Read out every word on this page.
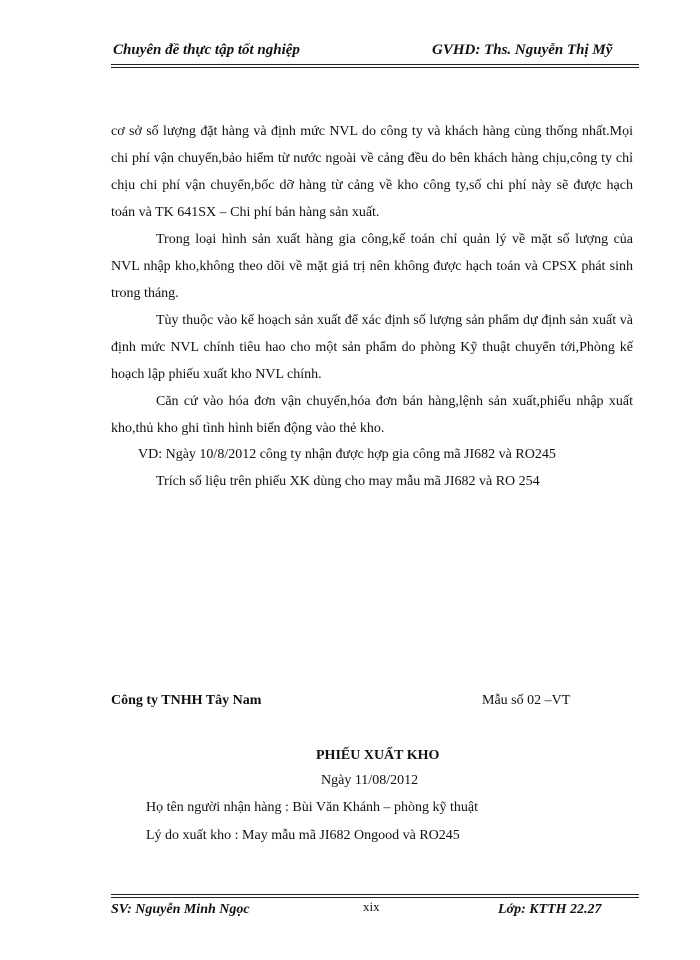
Chuyên đề thực tập tốt nghiệp	GVHD: Ths. Nguyễn Thị Mỹ
cơ sở số lượng đặt hàng và định mức NVL do công ty và khách hàng cùng thống nhất.Mọi chi phí vận chuyển,bảo hiểm từ nước ngoài về cảng đều do bên khách hàng chịu,công ty chỉ chịu chi phí vận chuyển,bốc dỡ hàng từ cảng về kho công ty,số chi phí này sẽ được hạch toán và TK 641SX – Chi phí bán hàng sản xuất.
Trong loại hình sản xuất hàng gia công,kế toán chỉ quản lý về mặt số lượng của NVL nhập kho,không theo dõi về mặt giá trị nên không được hạch toán và CPSX phát sinh trong tháng.
Tùy thuộc vào kế hoạch sản xuất để xác định số lượng sản phẩm dự định sản xuất và định mức NVL chính tiêu hao cho một sản phẩm do phòng Kỹ thuật chuyển tới,Phòng kế hoạch lập phiếu xuất kho NVL chính.
Căn cứ vào hóa đơn vận chuyển,hóa đơn bán hàng,lệnh sản xuất,phiếu nhập xuất kho,thủ kho ghi tình hình biến động vào thẻ kho.
VD: Ngày 10/8/2012 công ty nhận được hợp gia công mã JI682 và RO245
Trích số liệu trên phiếu XK dùng cho may mẫu mã JI682 và RO 254
Công ty TNHH Tây Nam	Mẫu số 02 –VT
PHIẾU XUẤT KHO
Ngày 11/08/2012
Họ tên người nhận hàng : Bùi Văn Khánh – phòng kỹ thuật
Lý do xuất kho : May mẫu mã JI682 Ongood và RO245
SV: Nguyễn Minh Ngọc	xix	Lớp: KTTH 22.27
